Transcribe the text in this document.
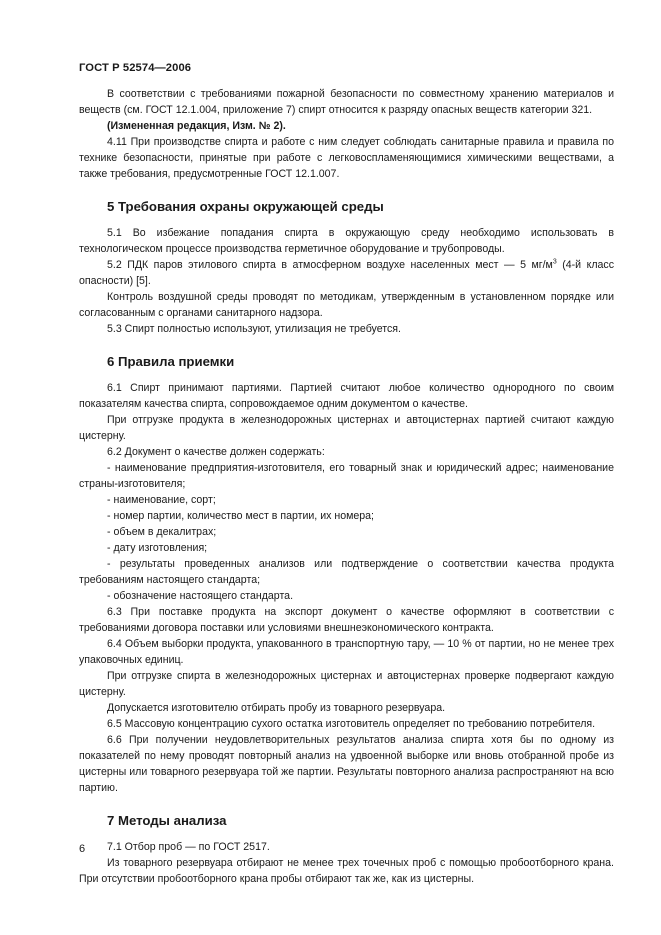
ГОСТ Р 52574—2006

В соответствии с требованиями пожарной безопасности по совместному хранению материалов и веществ (см. ГОСТ 12.1.004, приложение 7) спирт относится к разряду опасных веществ категории 321.

(Измененная редакция, Изм. № 2).

4.11 При производстве спирта и работе с ним следует соблюдать санитарные правила и правила по технике безопасности, принятые при работе с легковоспламеняющимися химическими веществами, а также требования, предусмотренные ГОСТ 12.1.007.

5 Требования охраны окружающей среды

5.1 Во избежание попадания спирта в окружающую среду необходимо использовать в технологическом процессе производства герметичное оборудование и трубопроводы.

5.2 ПДК паров этилового спирта в атмосферном воздухе населенных мест — 5 $мг/м^3$ (4-й класс опасности) [5].

Контроль воздушной среды проводят по методикам, утвержденным в установленном порядке или согласованным с органами санитарного надзора.

5.3 Спирт полностью используют, утилизация не требуется.

6 Правила приемки

6.1 Спирт принимают партиями. Партией считают любое количество однородного по своим показателям качества спирта, сопровождаемое одним документом о качестве.

При отгрузке продукта в железнодорожных цистернах и автоцистернах партией считают каждую цистерну.

6.2 Документ о качестве должен содержать:

- наименование предприятия-изготовителя, его товарный знак и юридический адрес; наименование страны-изготовителя;

- наименование, сорт;

- номер партии, количество мест в партии, их номера;

- объем в декалитрах;

- дату изготовления;

- результаты проведенных анализов или подтверждение о соответствии качества продукта требованиям настоящего стандарта;

- обозначение настоящего стандарта.

6.3 При поставке продукта на экспорт документ о качестве оформляют в соответствии с требованиями договора поставки или условиями внешнеэкономического контракта.

6.4 Объем выборки продукта, упакованного в транспортную тару, — 10 % от партии, но не менее трех упаковочных единиц.

При отгрузке спирта в железнодорожных цистернах и автоцистернах проверке подвергают каждую цистерну.

Допускается изготовителю отбирать пробу из товарного резервуара.

6.5 Массовую концентрацию сухого остатка изготовитель определяет по требованию потребителя.

6.6 При получении неудовлетворительных результатов анализа спирта хотя бы по одному из показателей по нему проводят повторный анализ на удвоенной выборке или вновь отобранной пробе из цистерны или товарного резервуара той же партии. Результаты повторного анализа распространяют на всю партию.

7 Методы анализа

7.1 Отбор проб — по ГОСТ 2517.

Из товарного резервуара отбирают не менее трех точечных проб с помощью пробоотборного крана. При отсутствии пробоотборного крана пробы отбирают так же, как из цистерны.

6
